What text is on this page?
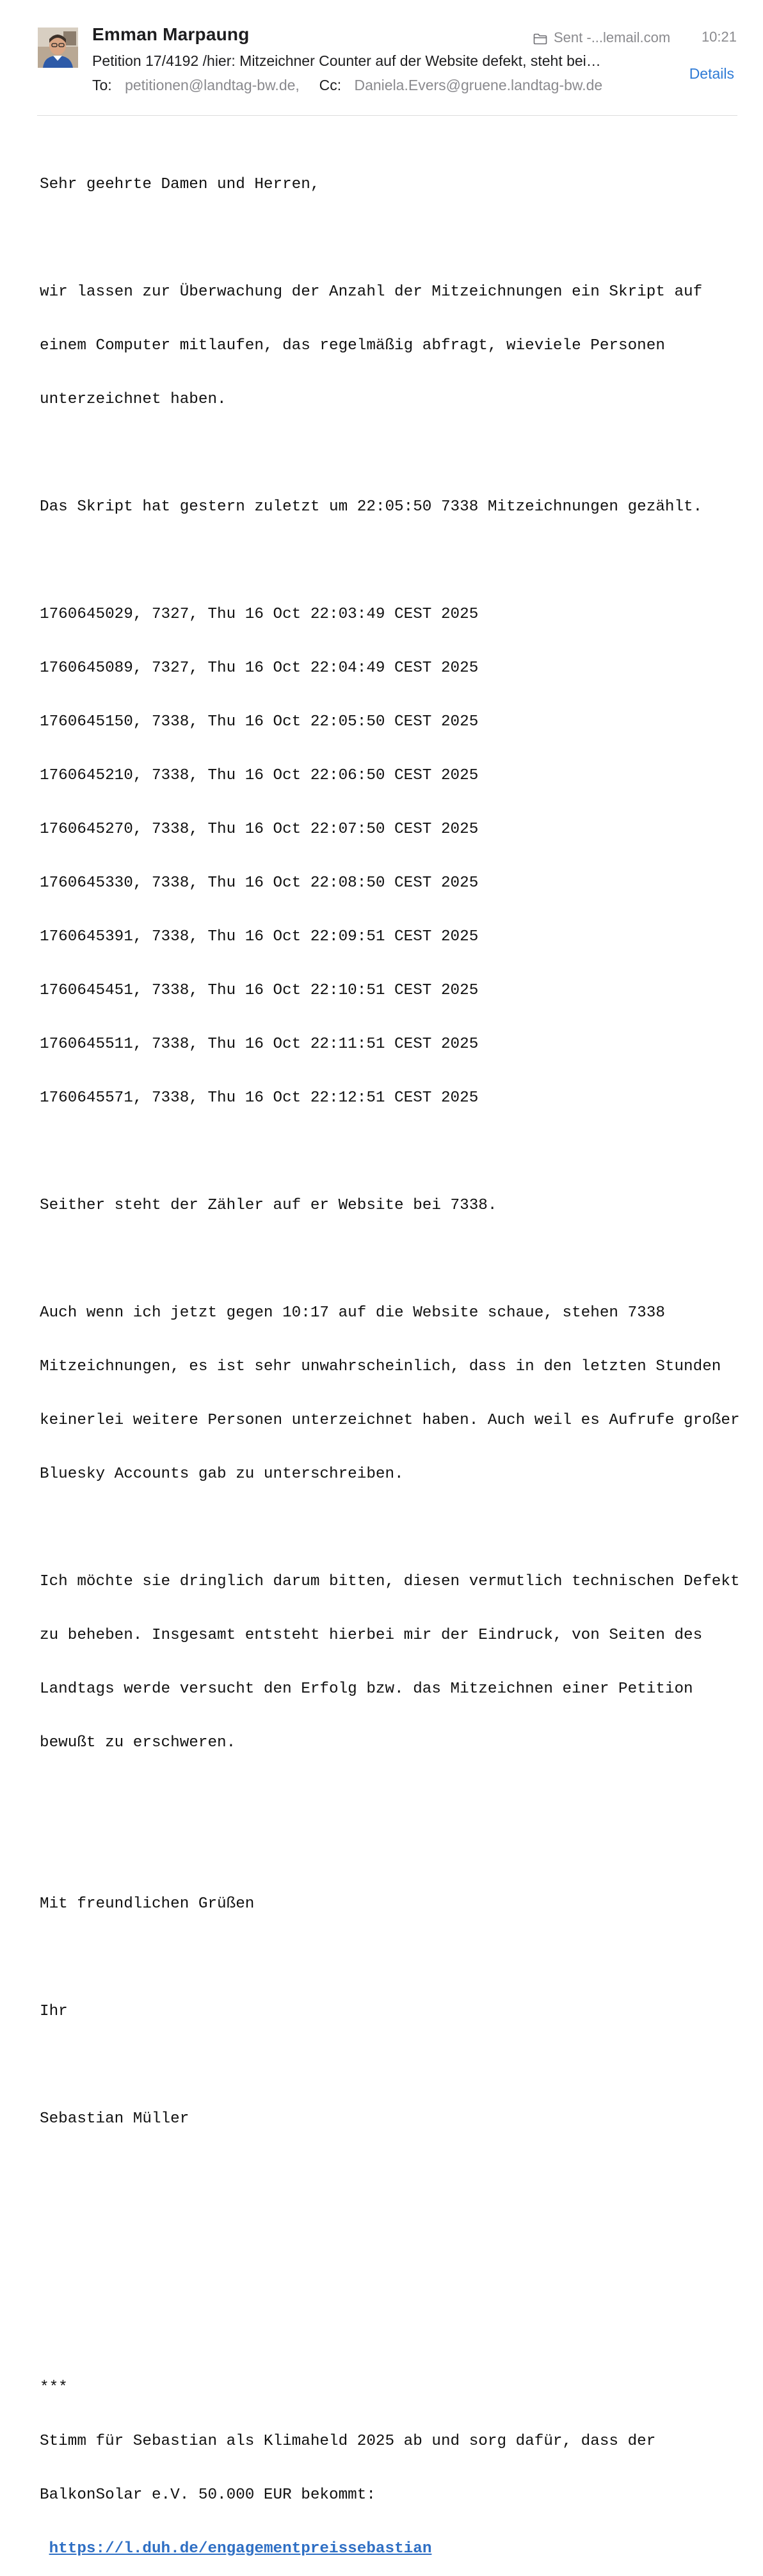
Emman Marpaung	Sent -...lemail.com 10:21
Petition 17/4192 /hier: Mitzeichner Counter auf der Website defekt, steht bei…
Details
To: petitionen@landtag-bw.de, Cc: Daniela.Evers@gruene.landtag-bw.de

Sehr geehrte Damen und Herren,

wir lassen zur Überwachung der Anzahl der Mitzeichnungen ein Skript auf

einem Computer mitlaufen, das regelmäßig abfragt, wieviele Personen

unterzeichnet haben.

Das Skript hat gestern zuletzt um 22:05:50 7338 Mitzeichnungen gezählt.

1760645029, 7327, Thu 16 Oct 22:03:49 CEST 2025

1760645089, 7327, Thu 16 Oct 22:04:49 CEST 2025

1760645150, 7338, Thu 16 Oct 22:05:50 CEST 2025

1760645210, 7338, Thu 16 Oct 22:06:50 CEST 2025

1760645270, 7338, Thu 16 Oct 22:07:50 CEST 2025

1760645330, 7338, Thu 16 Oct 22:08:50 CEST 2025

1760645391, 7338, Thu 16 Oct 22:09:51 CEST 2025

1760645451, 7338, Thu 16 Oct 22:10:51 CEST 2025

1760645511, 7338, Thu 16 Oct 22:11:51 CEST 2025

1760645571, 7338, Thu 16 Oct 22:12:51 CEST 2025

Seither steht der Zähler auf er Website bei 7338.

Auch wenn ich jetzt gegen 10:17 auf die Website schaue, stehen 7338

Mitzeichnungen, es ist sehr unwahrscheinlich, dass in den letzten Stunden

keinerlei weitere Personen unterzeichnet haben. Auch weil es Aufrufe großer

Bluesky Accounts gab zu unterschreiben.

Ich möchte sie dringlich darum bitten, diesen vermutlich technischen Defekt

zu beheben. Insgesamt entsteht hierbei mir der Eindruck, von Seiten des

Landtags werde versucht den Erfolg bzw. das Mitzeichnen einer Petition

bewußt zu erschweren.

Mit freundlichen Grüßen

Ihr

Sebastian Müller

***

Stimm für Sebastian als Klimaheld 2025 ab und sorg dafür, dass der

BalkonSolar e.V. 50.000 EUR bekommt:

https://l.duh.de/engagementpreissebastian
